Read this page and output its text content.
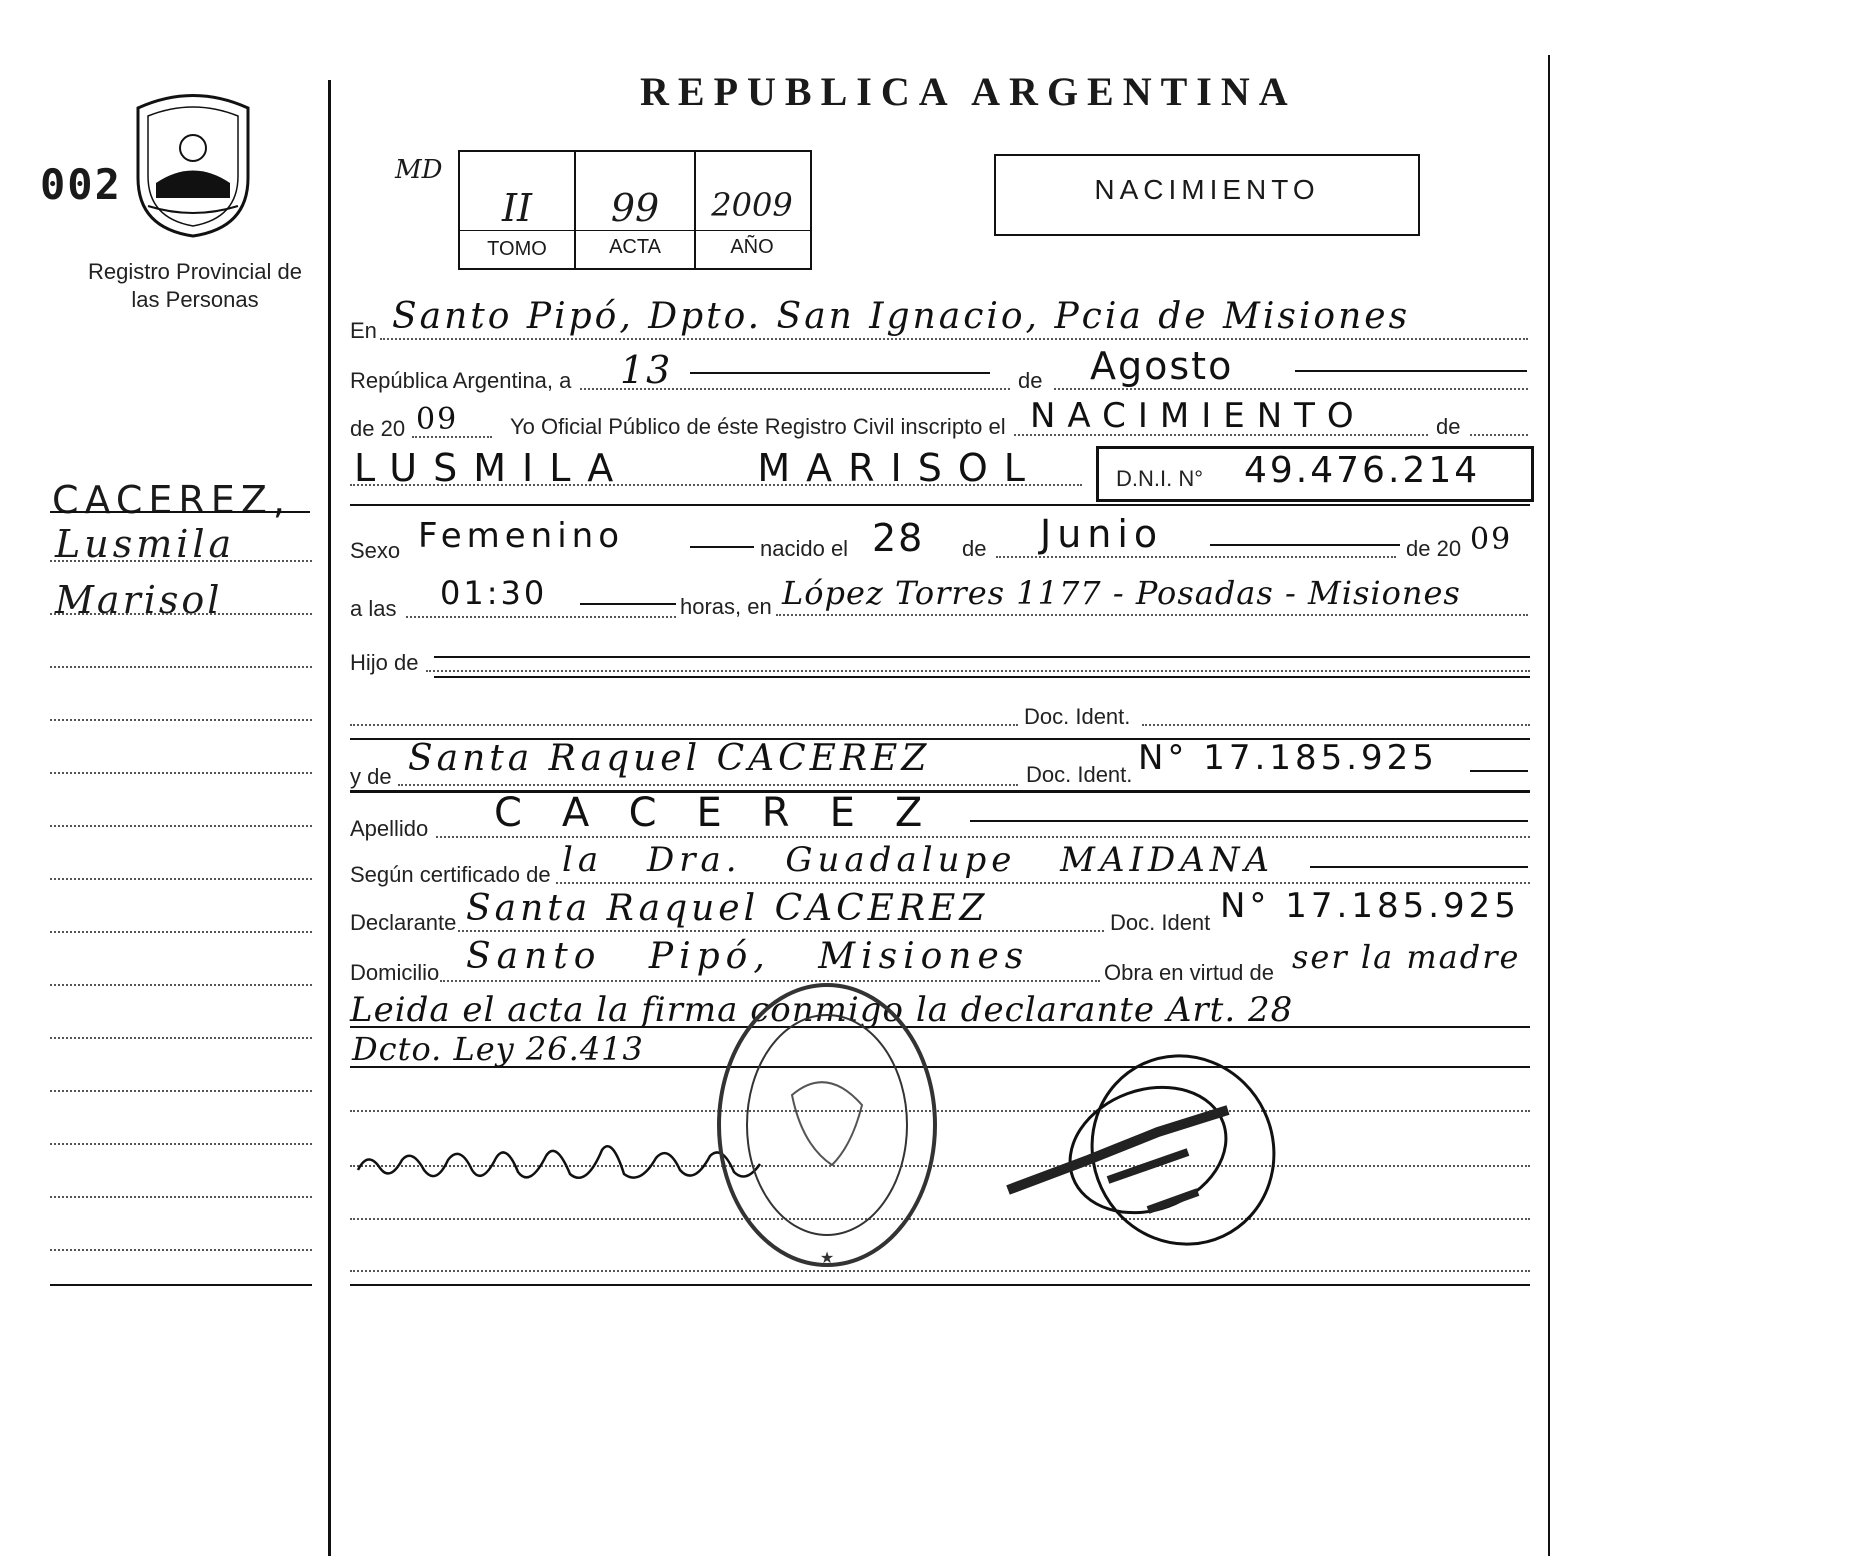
002
Registro Provincial de las Personas
CACEREZ,
Lusmila
Marisol
REPUBLICA ARGENTINA
MD
II	99	2009
TOMO	ACTA	AÑO
NACIMIENTO
En Santo Pipó, Dpto. San Ignacio, Pcia de Misiones
República Argentina, a 13	de Agosto
de 20 09 Yo Oficial Público de éste Registro Civil inscripto el NACIMIENTO	de
LUSMILA MARISOL	D.N.I. N° 49.476.214
Sexo Femenino	nacido el 28 de Junio	de 20 09
a las 01:30	horas, en López Torres 1177 - Posadas - Misiones
Hijo de
Doc. Ident.
y de Santa Raquel CACEREZ	Doc. Ident. N° 17.185.925
Apellido CACEREZ
Según certificado de la Dra. Guadalupe MAIDANA
Declarante Santa Raquel CACEREZ	Doc. Ident N° 17.185.925
Domicilio Santo Pipó, Misiones	Obra en virtud de ser la madre
Leida el acta la firma conmigo la declarante Art. 28
Dcto. Ley 26.413
★
